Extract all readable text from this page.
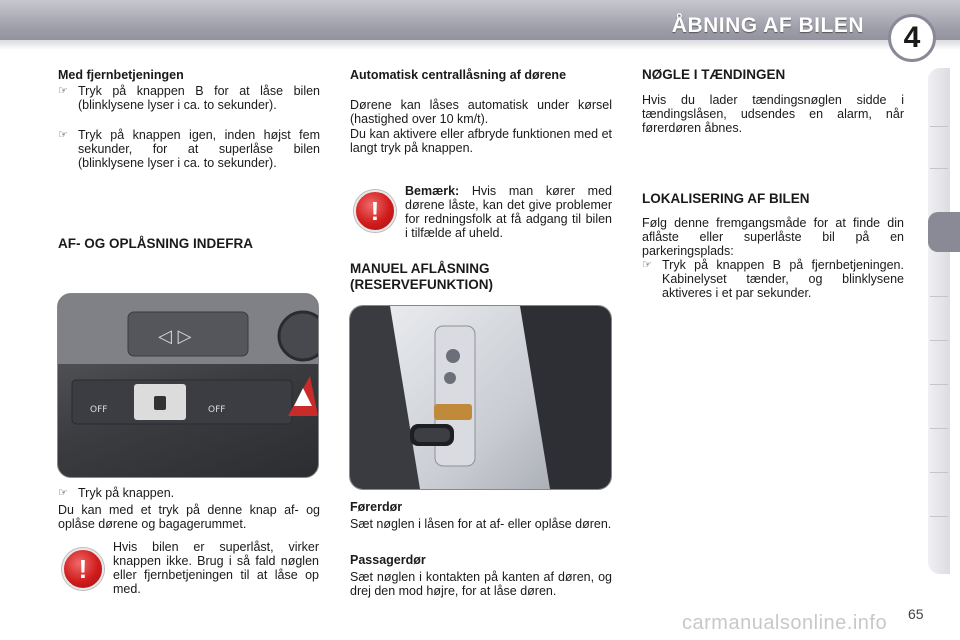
ÅBNING AF BILEN	4
Med fjernbetjeningen
☞ Tryk på knappen B for at låse bilen (blinklysene lyser i ca. to sekunder).
☞ Tryk på knappen igen, inden højst fem sekunder, for at superlåse bilen (blinklysene lyser i ca. to sekunder).
AF- OG OPLÅSNING INDEFRA
◁ ▷
OFF	OFF
☞ Tryk på knappen.
Du kan med et tryk på denne knap af- og oplåse dørene og bagagerummet.
!
Hvis bilen er superlåst, virker knappen ikke. Brug i så fald nøglen eller fjernbetjeningen til at låse op med.
Automatisk centrallåsning af dørene
Dørene kan låses automatisk under kørsel (hastighed over 10 km/t).
Du kan aktivere eller afbryde funktionen med et langt tryk på knappen.
!
Bemærk: Hvis man kører med dørene låste, kan det give problemer for redningsfolk at få adgang til bilen i tilfælde af uheld.
MANUEL AFLÅSNING (RESERVEFUNKTION)
Førerdør
Sæt nøglen i låsen for at af- eller oplåse døren.
Passagerdør
Sæt nøglen i kontakten på kanten af døren, og drej den mod højre, for at låse døren.
NØGLE I TÆNDINGEN
Hvis du lader tændingsnøglen sidde i tændingslåsen, udsendes en alarm, når førerdøren åbnes.
LOKALISERING AF BILEN
Følg denne fremgangsmåde for at finde din aflåste eller superlåste bil på en parkeringsplads:
☞ Tryk på knappen B på fjernbetjeningen. Kabinelyset tænder, og blinklysene aktiveres i et par sekunder.
65
carmanualsonline.info
